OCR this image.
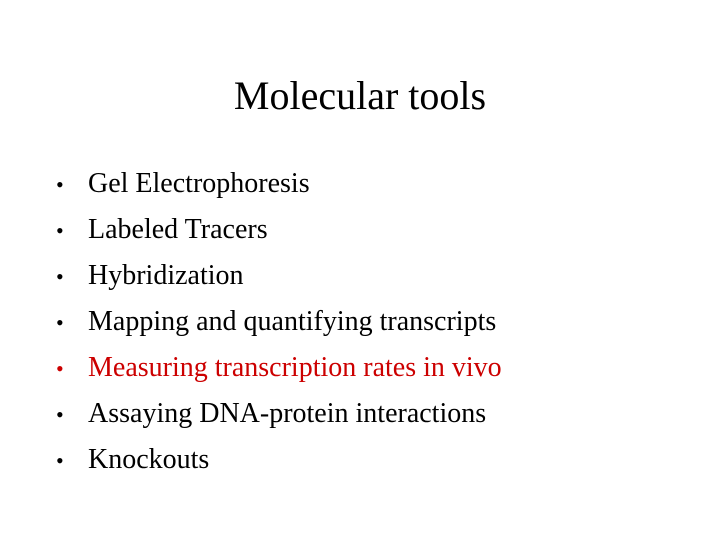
Molecular tools
• Gel Electrophoresis
• Labeled Tracers
• Hybridization
• Mapping and quantifying transcripts
• Measuring transcription rates in vivo
• Assaying DNA-protein interactions
• Knockouts
